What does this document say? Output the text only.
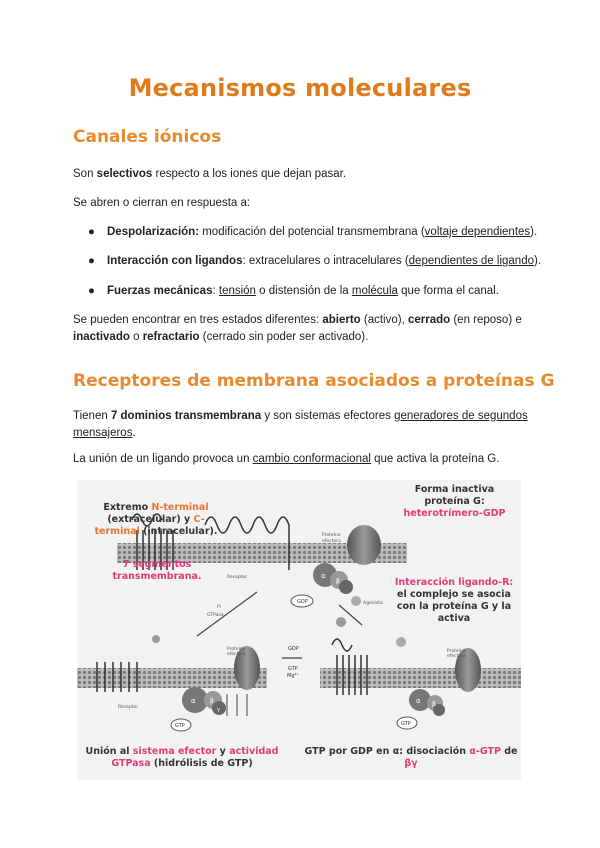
Mecanismos moleculares
Canales iónicos
Son selectivos respecto a los iones que dejan pasar.
Se abren o cierran en respuesta a:
● Despolarización: modificación del potencial transmembrana (voltaje dependientes).
● Interacción con ligandos: extracelulares o intracelulares (dependientes de ligando).
● Fuerzas mecánicas: tensión o distensión de la molécula que forma el canal.
Se pueden encontrar en tres estados diferentes: abierto (activo), cerrado (en reposo) e
inactivado o refractario (cerrado sin poder ser activado).
Receptores de membrana asociados a proteínas G
Tienen 7 dominios transmembrana y son sistemas efectores generadores de segundos
mensajeros.
La unión de un ligando provoca un cambio conformacional que activa la proteína G.
Proteína
efectora
Receptor
Pi
GTPasa
Agonista
GDP
GDP
GTP
Mg²⁺
Proteína
efectora
Receptor
GTP
α β
γ
Proteína
efectora
GTP
α β
α
β
Extremo N-terminal
(extracelular) y C-
terminal (intracelular).
7 segmentos
transmembrana.
Forma inactiva
proteína G:
heterotrímero-GDP
Interacción ligando-R:
el complejo se asocia
con la proteína G y la
activa
Unión al sistema efector y actividad
GTPasa (hidrólisis de GTP)
GTP por GDP en α: disociación α-GTP de
βγ
